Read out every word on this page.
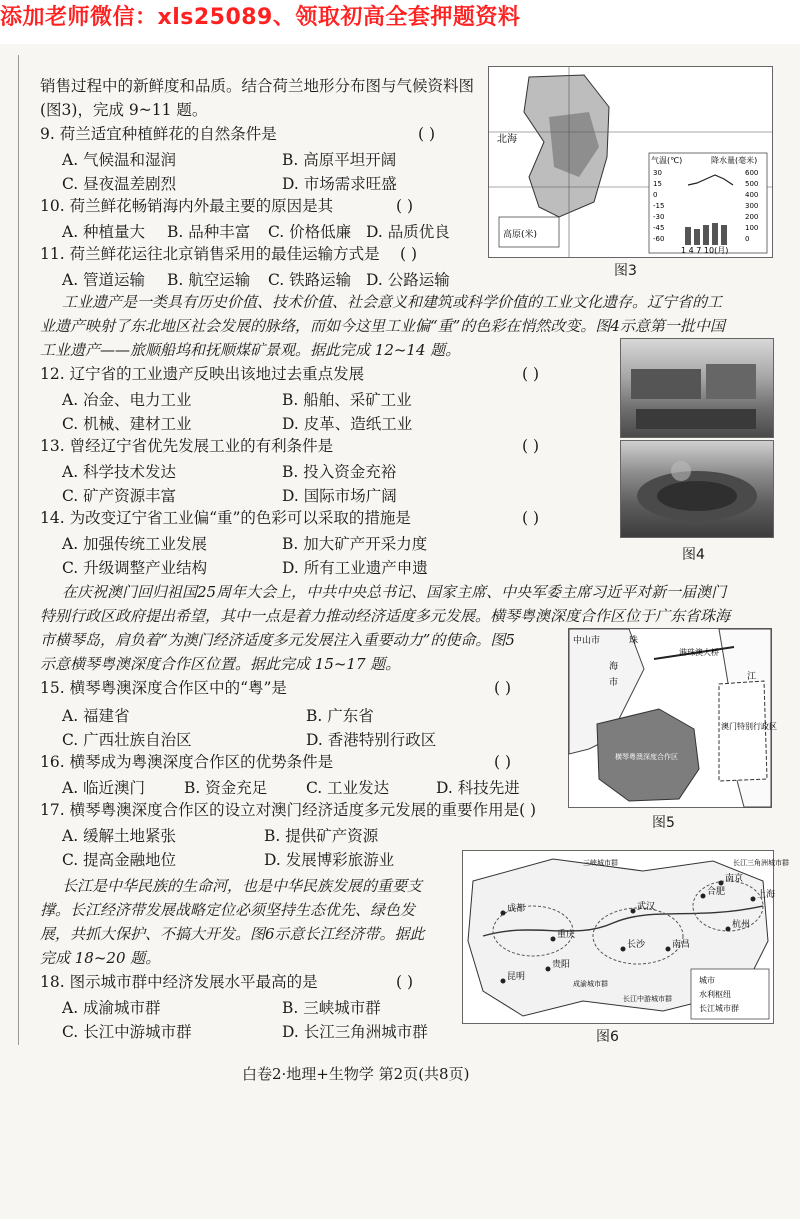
添加老师微信：xls25089、领取初高全套押题资料
销售过程中的新鲜度和品质。结合荷兰地形分布图与气候资料图
(图3)，完成 9~11 题。
9. 荷兰适宜种植鲜花的自然条件是	( )
A. 气候温和湿润	B. 高原平坦开阔
C. 昼夜温差剧烈	D. 市场需求旺盛
10. 荷兰鲜花畅销海内外最主要的原因是其	( )
A. 种植量大 B. 品种丰富 C. 价格低廉 D. 品质优良
11. 荷兰鲜花运往北京销售采用的最佳运输方式是 ( )
A. 管道运输 B. 航空运输 C. 铁路运输 D. 公路运输
北海
高原(米)
气温(℃)	降水量(毫米)
30
15
0
-15
-30
-45
-60
600
500
400
300
200
100
0
1 4 7 10(月)
图3
工业遗产是一类具有历史价值、技术价值、社会意义和建筑或科学价值的工业文化遗存。辽宁省的工
业遗产映射了东北地区社会发展的脉络，而如今这里工业偏“重”的色彩在悄然改变。图4示意第一批中国
工业遗产——旅顺船坞和抚顺煤矿景观。据此完成 12~14 题。
12. 辽宁省的工业遗产反映出该地过去重点发展	( )
A. 冶金、电力工业	B. 船舶、采矿工业
C. 机械、建材工业	D. 皮革、造纸工业
13. 曾经辽宁省优先发展工业的有利条件是	( )
A. 科学技术发达	B. 投入资金充裕
C. 矿产资源丰富	D. 国际市场广阔
14. 为改变辽宁省工业偏“重”的色彩可以采取的措施是	( )
A. 加强传统工业发展	B. 加大矿产开采力度
C. 升级调整产业结构	D. 所有工业遗产申遗
图4
在庆祝澳门回归祖国25周年大会上，中共中央总书记、国家主席、中央军委主席习近平对新一届澳门
特别行政区政府提出希望，其中一点是着力推动经济适度多元发展。横琴粤澳深度合作区位于广东省珠海
市横琴岛，肩负着“为澳门经济适度多元发展注入重要动力”的使命。图5
示意横琴粤澳深度合作区位置。据此完成 15~17 题。
15. 横琴粤澳深度合作区中的“粤”是	( )
A. 福建省	B. 广东省
C. 广西壮族自治区	D. 香港特别行政区
16. 横琴成为粤澳深度合作区的优势条件是	( )
A. 临近澳门	B. 资金充足	C. 工业发达	D. 科技先进
17. 横琴粤澳深度合作区的设立对澳门经济适度多元发展的重要作用是( )
A. 缓解土地紧张	B. 提供矿产资源
C. 提高金融地位	D. 发展博彩旅游业
中山市	珠
海
市
港珠澳大桥
江
澳门特别行政区
横琴粤澳深度合作区
图5
长江是中华民族的生命河，也是中华民族发展的重要支
撑。长江经济带发展战略定位必须坚持生态优先、绿色发
展，共抓大保护、不搞大开发。图6示意长江经济带。据此
完成 18~20 题。
18. 图示城市群中经济发展水平最高的是	( )
A. 成渝城市群	B. 三峡城市群
C. 长江中游城市群	D. 长江三角洲城市群
成都
重庆
贵阳
昆明
武汉
长沙	南昌
合肥
南京
上海
杭州
三峡城市群	长江三角洲城市群
成渝城市群
长江中游城市群
城市
水利枢纽
长江城市群
图6
白卷2·地理+生物学 第2页(共8页)
